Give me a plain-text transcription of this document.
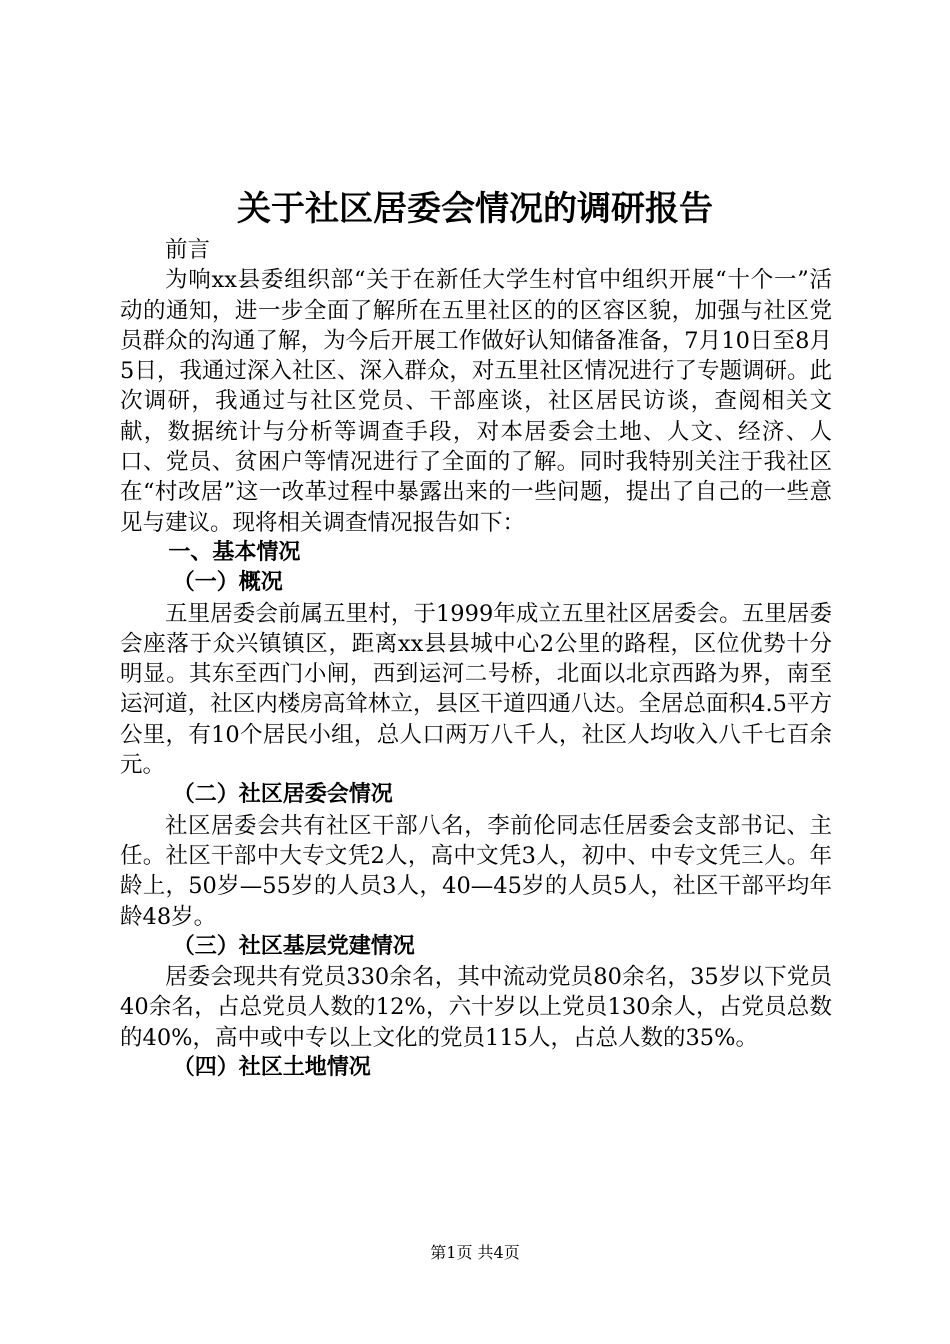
关于社区居委会情况的调研报告

前言

为响xx县委组织部“关于在新任大学生村官中组织开展“十个一”活动的通知，进一步全面了解所在五里社区的的区容区貌，加强与社区党员群众的沟通了解，为今后开展工作做好认知储备准备，7月10日至8月5日，我通过深入社区、深入群众，对五里社区情况进行了专题调研。此次调研，我通过与社区党员、干部座谈，社区居民访谈，查阅相关文献，数据统计与分析等调查手段，对本居委会土地、人文、经济、人口、党员、贫困户等情况进行了全面的了解。同时我特别关注于我社区在“村改居”这一改革过程中暴露出来的一些问题，提出了自己的一些意见与建议。现将相关调查情况报告如下：

一、基本情况
（一）概况

五里居委会前属五里村，于1999年成立五里社区居委会。五里居委会座落于众兴镇镇区，距离xx县县城中心2公里的路程，区位优势十分明显。其东至西门小闸，西到运河二号桥，北面以北京西路为界，南至运河道，社区内楼房高耸林立，县区干道四通八达。全居总面积4.5平方公里，有10个居民小组，总人口两万八千人，社区人均收入八千七百余元。

（二）社区居委会情况

社区居委会共有社区干部八名，李前伦同志任居委会支部书记、主任。社区干部中大专文凭2人，高中文凭3人，初中、中专文凭三人。年龄上，50岁—55岁的人员3人，40—45岁的人员5人，社区干部平均年龄48岁。

（三）社区基层党建情况

居委会现共有党员330余名，其中流动党员80余名，35岁以下党员40余名，占总党员人数的12%，六十岁以上党员130余人，占党员总数的40%，高中或中专以上文化的党员115人，占总人数的35%。

（四）社区土地情况
第1页 共4页
